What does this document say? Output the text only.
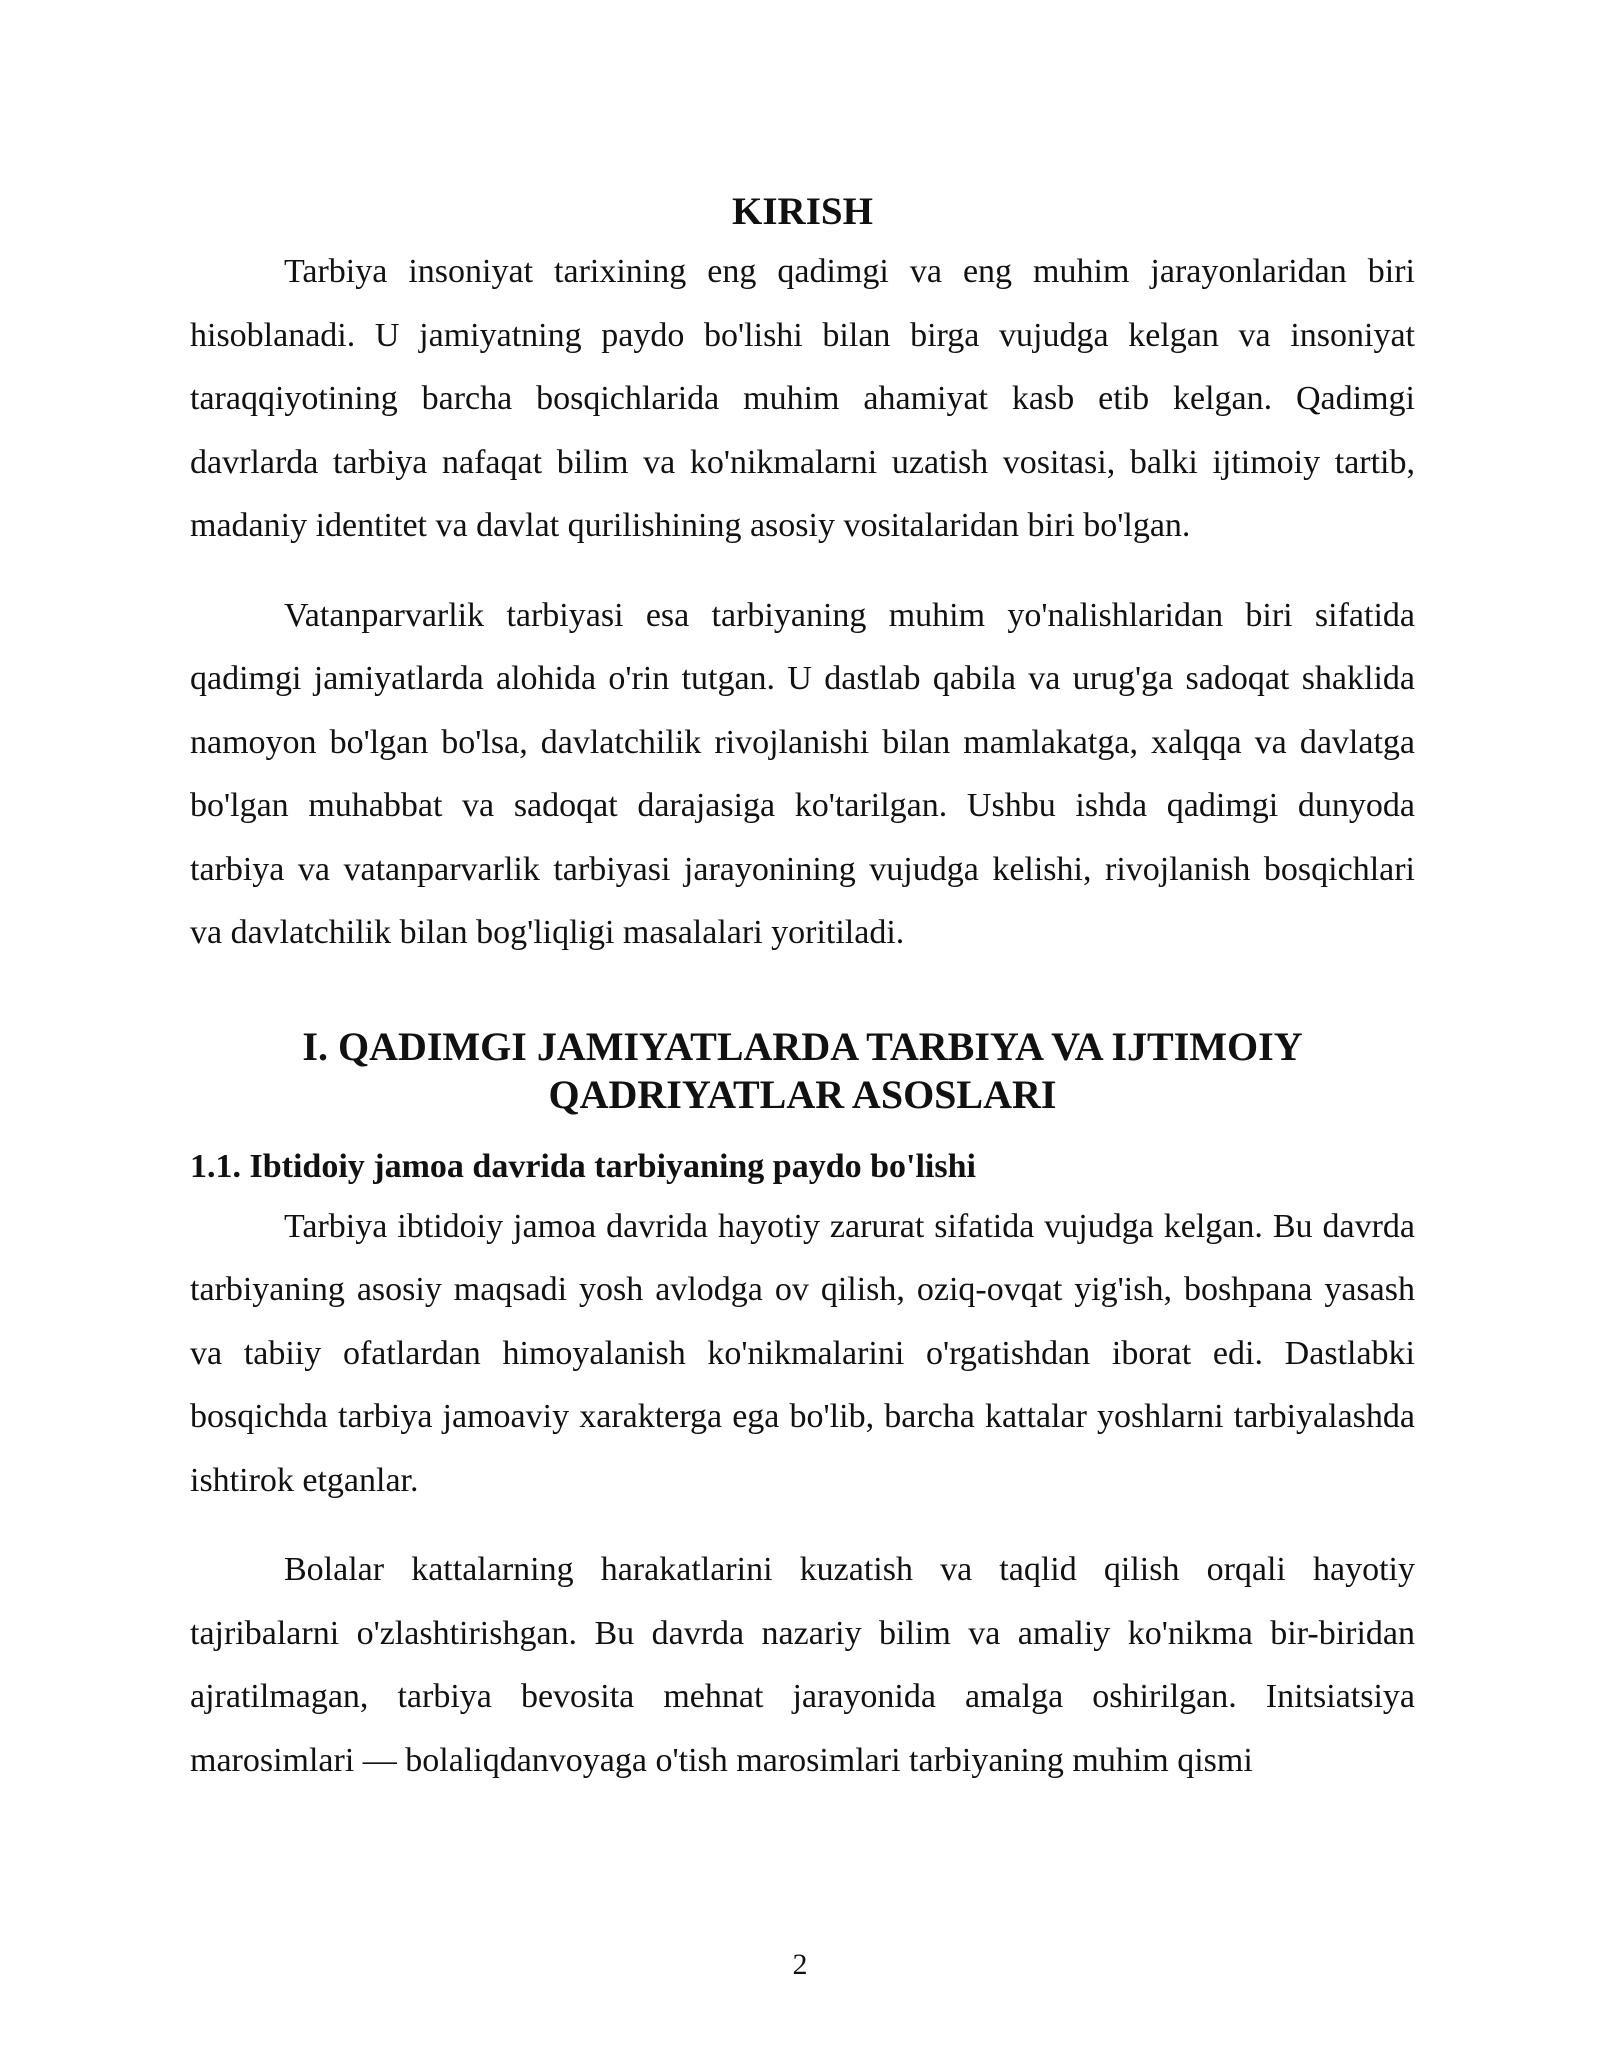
KIRISH

Tarbiya insoniyat tarixining eng qadimgi va eng muhim jarayonlaridan biri hisoblanadi. U jamiyatning paydo bo'lishi bilan birga vujudga kelgan va insoniyat taraqqiyotining barcha bosqichlarida muhim ahamiyat kasb etib kelgan. Qadimgi davrlarda tarbiya nafaqat bilim va ko'nikmalarni uzatish vositasi, balki ijtimoiy tartib, madaniy identitet va davlat qurilishining asosiy vositalaridan biri bo'lgan.

Vatanparvarlik tarbiyasi esa tarbiyaning muhim yo'nalishlaridan biri sifatida qadimgi jamiyatlarda alohida o'rin tutgan. U dastlab qabila va urug'ga sadoqat shaklida namoyon bo'lgan bo'lsa, davlatchilik rivojlanishi bilan mamlakatga, xalqqa va davlatga bo'lgan muhabbat va sadoqat darajasiga ko'tarilgan. Ushbu ishda qadimgi dunyoda tarbiya va vatanparvarlik tarbiyasi jarayonining vujudga kelishi, rivojlanish bosqichlari va davlatchilik bilan bog'liqligi masalalari yoritiladi.

I. QADIMGI JAMIYATLARDA TARBIYA VA IJTIMOIY
QADRIYATLAR ASOSLARI
1.1. Ibtidoiy jamoa davrida tarbiyaning paydo bo'lishi

Tarbiya ibtidoiy jamoa davrida hayotiy zarurat sifatida vujudga kelgan. Bu davrda tarbiyaning asosiy maqsadi yosh avlodga ov qilish, oziq-ovqat yig'ish, boshpana yasash va tabiiy ofatlardan himoyalanish ko'nikmalarini o'rgatishdan iborat edi. Dastlabki bosqichda tarbiya jamoaviy xarakterga ega bo'lib, barcha kattalar yoshlarni tarbiyalashda ishtirok etganlar.

Bolalar kattalarning harakatlarini kuzatish va taqlid qilish orqali hayotiy tajribalarni o'zlashtirishgan. Bu davrda nazariy bilim va amaliy ko'nikma bir-biridan ajratilmagan, tarbiya bevosita mehnat jarayonida amalga oshirilgan. Initsiatsiya marosimlari — bolaliqdanvoyaga o'tish marosimlari tarbiyaning muhim qismi

2
